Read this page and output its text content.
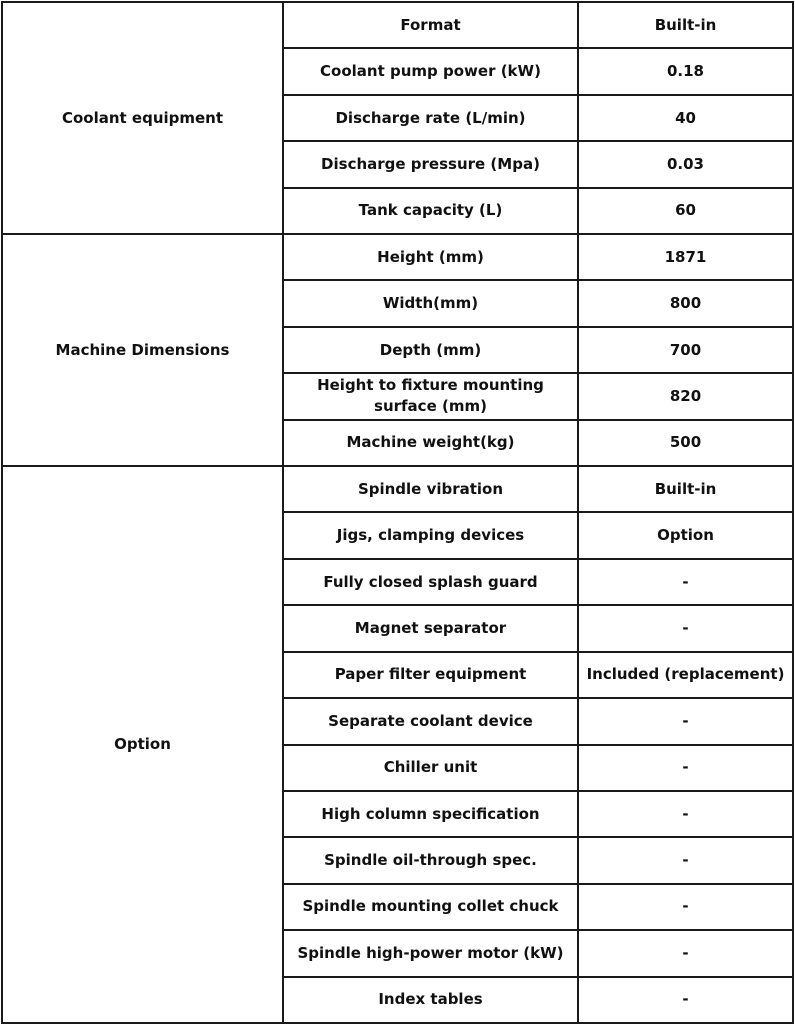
Coolant equipment	Format	Built-in
	Coolant pump power (kW)	0.18
	Discharge rate (L/min)	40
	Discharge pressure (Mpa)	0.03
	Tank capacity (L)	60
Machine Dimensions	Height (mm)	1871
	Width(mm)	800
	Depth (mm)	700
	Height to fixture mounting surface (mm)	820
	Machine weight(kg)	500
Option	Spindle vibration	Built-in
	Jigs, clamping devices	Option
	Fully closed splash guard	-
	Magnet separator	-
	Paper filter equipment	Included (replacement)
	Separate coolant device	-
	Chiller unit	-
	High column specification	-
	Spindle oil-through spec.	-
	Spindle mounting collet chuck	-
	Spindle high-power motor (kW)	-
	Index tables	-
